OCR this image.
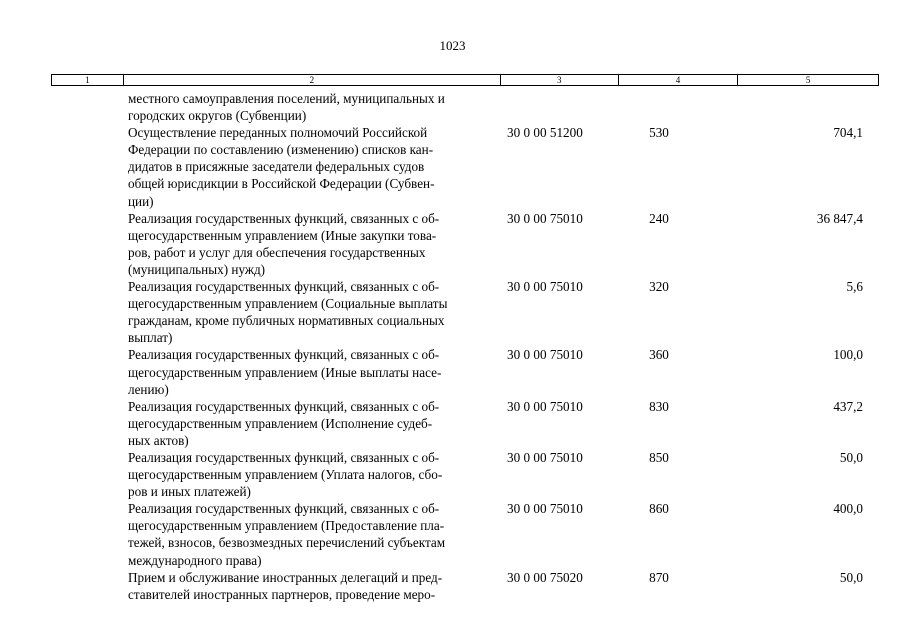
1023
1	2	3	4	5
местного самоуправления поселений, муниципальных и
городских округов (Субвенции)
Осуществление переданных полномочий Российской
Федерации по составлению (изменению) списков кан-
дидатов в присяжные заседатели федеральных судов
общей юрисдикции в Российской Федерации (Субвен-
ции)
30 0 00 51200	530	704,1
Реализация государственных функций, связанных с об-
щегосударственным управлением (Иные закупки това-
ров, работ и услуг для обеспечения государственных
(муниципальных) нужд)
30 0 00 75010	240	36 847,4
Реализация государственных функций, связанных с об-
щегосударственным управлением (Социальные выплаты
гражданам, кроме публичных нормативных социальных
выплат)
30 0 00 75010	320	5,6
Реализация государственных функций, связанных с об-
щегосударственным управлением (Иные выплаты насе-
лению)
30 0 00 75010	360	100,0
Реализация государственных функций, связанных с об-
щегосударственным управлением (Исполнение судеб-
ных актов)
30 0 00 75010	830	437,2
Реализация государственных функций, связанных с об-
щегосударственным управлением (Уплата налогов, сбо-
ров и иных платежей)
30 0 00 75010	850	50,0
Реализация государственных функций, связанных с об-
щегосударственным управлением (Предоставление пла-
тежей, взносов, безвозмездных перечислений субъектам
международного права)
30 0 00 75010	860	400,0
Прием и обслуживание иностранных делегаций и пред-
ставителей иностранных партнеров, проведение меро-
30 0 00 75020	870	50,0
